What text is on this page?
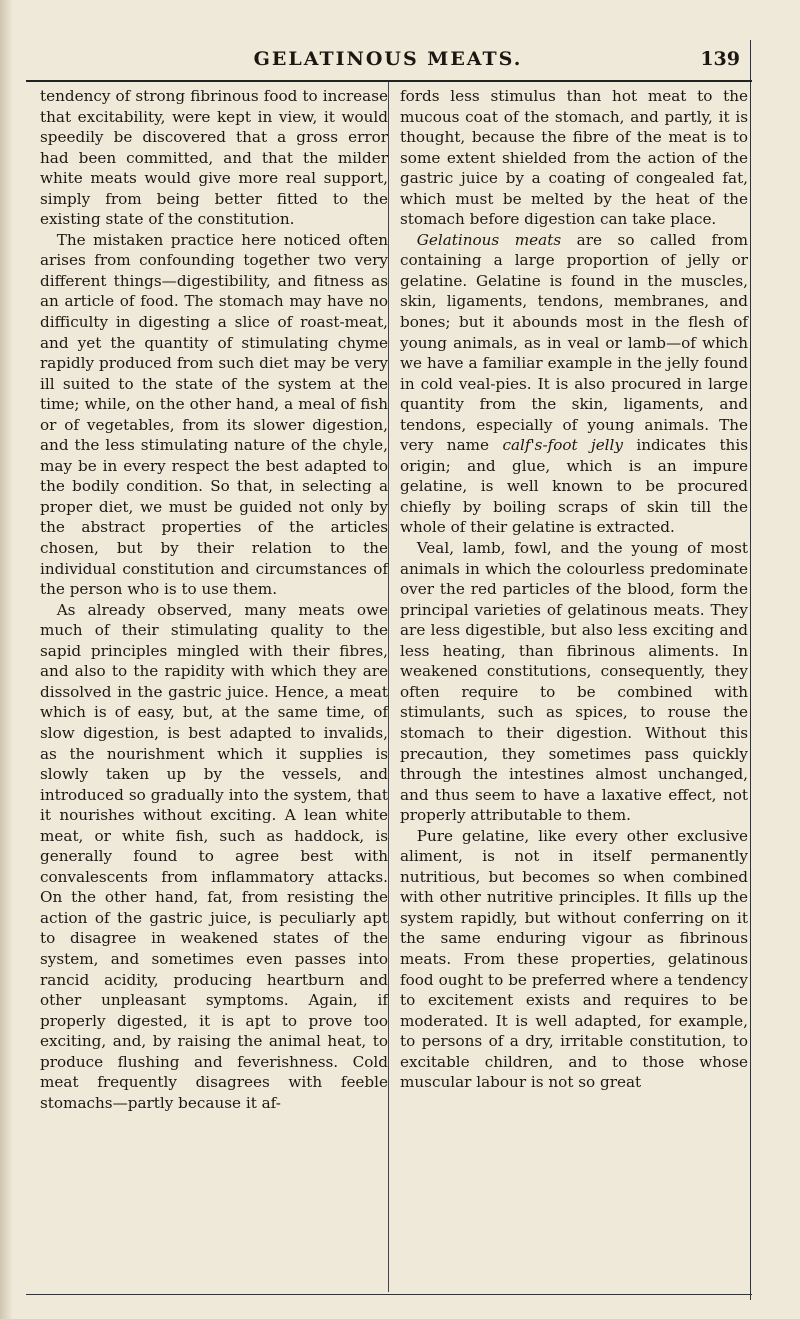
GELATINOUS MEATS.	139

tendency of strong fibrinous food to increase that excitability, were kept in view, it would speedily be discovered that a gross error had been committed, and that the milder white meats would give more real support, simply from being better fitted to the existing state of the constitution.

The mistaken practice here noticed often arises from confounding together two very different things—digestibility, and fitness as an article of food. The stomach may have no difficulty in digesting a slice of roast-meat, and yet the quantity of stimulating chyme rapidly produced from such diet may be very ill suited to the state of the system at the time; while, on the other hand, a meal of fish or of vegetables, from its slower digestion, and the less stimulating nature of the chyle, may be in every respect the best adapted to the bodily condition. So that, in selecting a proper diet, we must be guided not only by the abstract properties of the articles chosen, but by their relation to the individual constitution and circumstances of the person who is to use them.

As already observed, many meats owe much of their stimulating quality to the sapid principles mingled with their fibres, and also to the rapidity with which they are dissolved in the gastric juice. Hence, a meat which is of easy, but, at the same time, of slow digestion, is best adapted to invalids, as the nourishment which it supplies is slowly taken up by the vessels, and introduced so gradually into the system, that it nourishes without exciting. A lean white meat, or white fish, such as haddock, is generally found to agree best with convalescents from inflammatory attacks. On the other hand, fat, from resisting the action of the gastric juice, is peculiarly apt to disagree in weakened states of the system, and sometimes even passes into rancid acidity, producing heartburn and other unpleasant symptoms. Again, if properly digested, it is apt to prove too exciting, and, by raising the animal heat, to produce flushing and feverishness. Cold meat frequently disagrees with feeble stomachs—partly because it af-

fords less stimulus than hot meat to the mucous coat of the stomach, and partly, it is thought, because the fibre of the meat is to some extent shielded from the action of the gastric juice by a coating of congealed fat, which must be melted by the heat of the stomach before digestion can take place.

Gelatinous meats are so called from containing a large proportion of jelly or gelatine. Gelatine is found in the muscles, skin, ligaments, tendons, membranes, and bones; but it abounds most in the flesh of young animals, as in veal or lamb—of which we have a familiar example in the jelly found in cold veal-pies. It is also procured in large quantity from the skin, ligaments, and tendons, especially of young animals. The very name calf's-foot jelly indicates this origin; and glue, which is an impure gelatine, is well known to be procured chiefly by boiling scraps of skin till the whole of their gelatine is extracted.

Veal, lamb, fowl, and the young of most animals in which the colourless predominate over the red particles of the blood, form the principal varieties of gelatinous meats. They are less digestible, but also less exciting and less heating, than fibrinous aliments. In weakened constitutions, consequently, they often require to be combined with stimulants, such as spices, to rouse the stomach to their digestion. Without this precaution, they sometimes pass quickly through the intestines almost unchanged, and thus seem to have a laxative effect, not properly attributable to them.

Pure gelatine, like every other exclusive aliment, is not in itself permanently nutritious, but becomes so when combined with other nutritive principles. It fills up the system rapidly, but without conferring on it the same enduring vigour as fibrinous meats. From these properties, gelatinous food ought to be preferred where a tendency to excitement exists and requires to be moderated. It is well adapted, for example, to persons of a dry, irritable constitution, to excitable children, and to those whose muscular labour is not so great
